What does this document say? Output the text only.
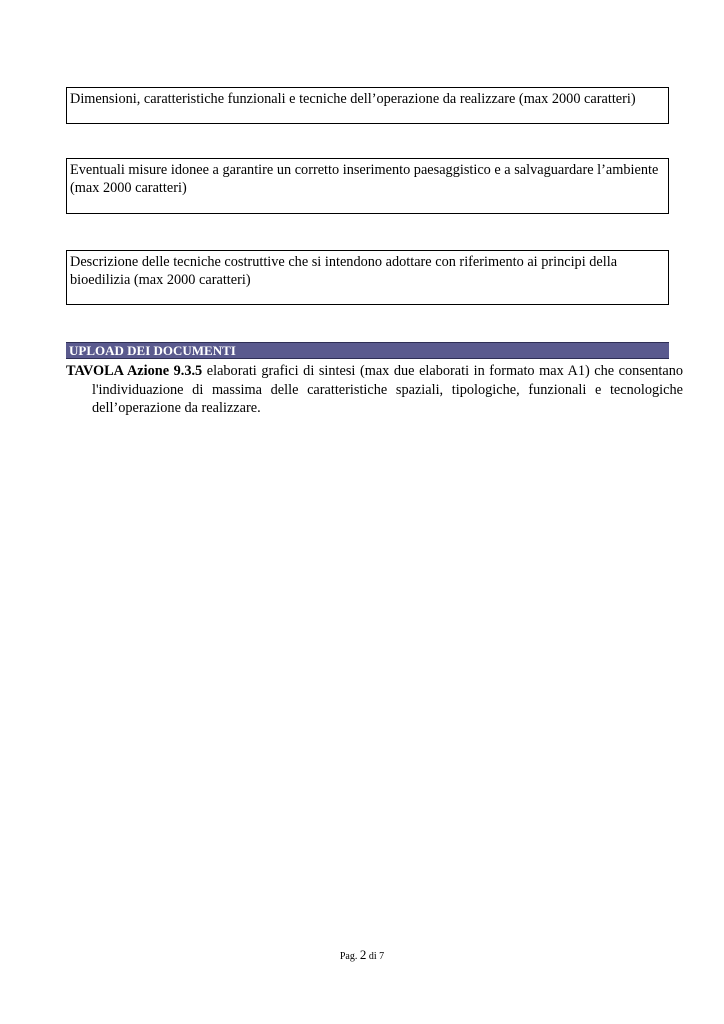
Dimensioni, caratteristiche funzionali e tecniche dell’operazione da realizzare (max 2000 caratteri)
Eventuali misure idonee a garantire un corretto inserimento paesaggistico e a salvaguardare l’ambiente (max 2000 caratteri)
Descrizione delle tecniche costruttive che si intendono adottare con riferimento ai principi della bioedilizia (max 2000 caratteri)
UPLOAD DEI DOCUMENTI
TAVOLA Azione 9.3.5 elaborati grafici di sintesi (max due elaborati in formato max A1) che consentano l'individuazione di massima delle caratteristiche spaziali, tipologiche, funzionali e tecnologiche dell’operazione da realizzare.
Pag. 2 di 7
